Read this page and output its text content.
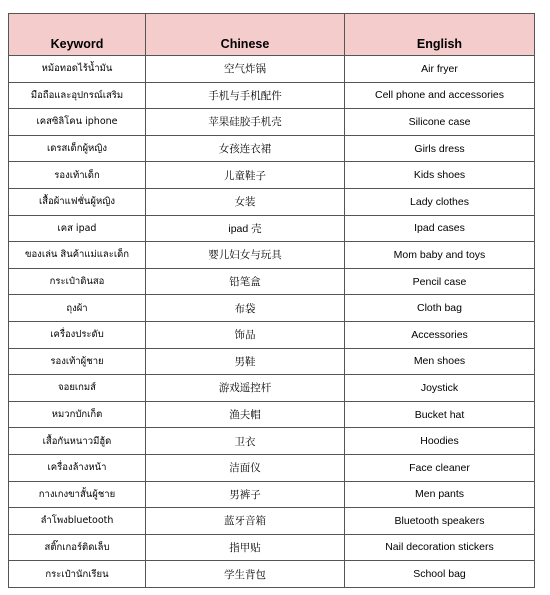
Keyword	Chinese	English
หม้อทอดไร้น้ำมัน	空气炸锅	Air fryer
มือถือและอุปกรณ์เสริม	手机与手机配件	Cell phone and accessories
เคสซิลิโคน iphone	苹果硅胶手机壳	Silicone case
เดรสเด็กผู้หญิง	女孩连衣裙	Girls dress
รองเท้าเด็ก	儿童鞋子	Kids shoes
เสื้อผ้าแฟชั่นผู้หญิง	女装	Lady clothes
เคส ipad	ipad 壳	Ipad cases
ของเล่น สินค้าแม่และเด็ก	婴儿妇女与玩具	Mom baby and toys
กระเป๋าดินสอ	铅笔盒	Pencil case
ถุงผ้า	布袋	Cloth bag
เครื่องประดับ	饰品	Accessories
รองเท้าผู้ชาย	男鞋	Men shoes
จอยเกมส์	游戏遥控杆	Joystick
หมวกบักเก็ต	渔夫帽	Bucket hat
เสื้อกันหนาวมีฮู้ด	卫衣	Hoodies
เครื่องล้างหน้า	洁面仪	Face cleaner
กางเกงขาสั้นผู้ชาย	男裤子	Men pants
ลำโพงbluetooth	蓝牙音箱	Bluetooth speakers
สติ๊กเกอร์ติดเล็บ	指甲贴	Nail decoration stickers
กระเป๋านักเรียน	学生背包	School bag
